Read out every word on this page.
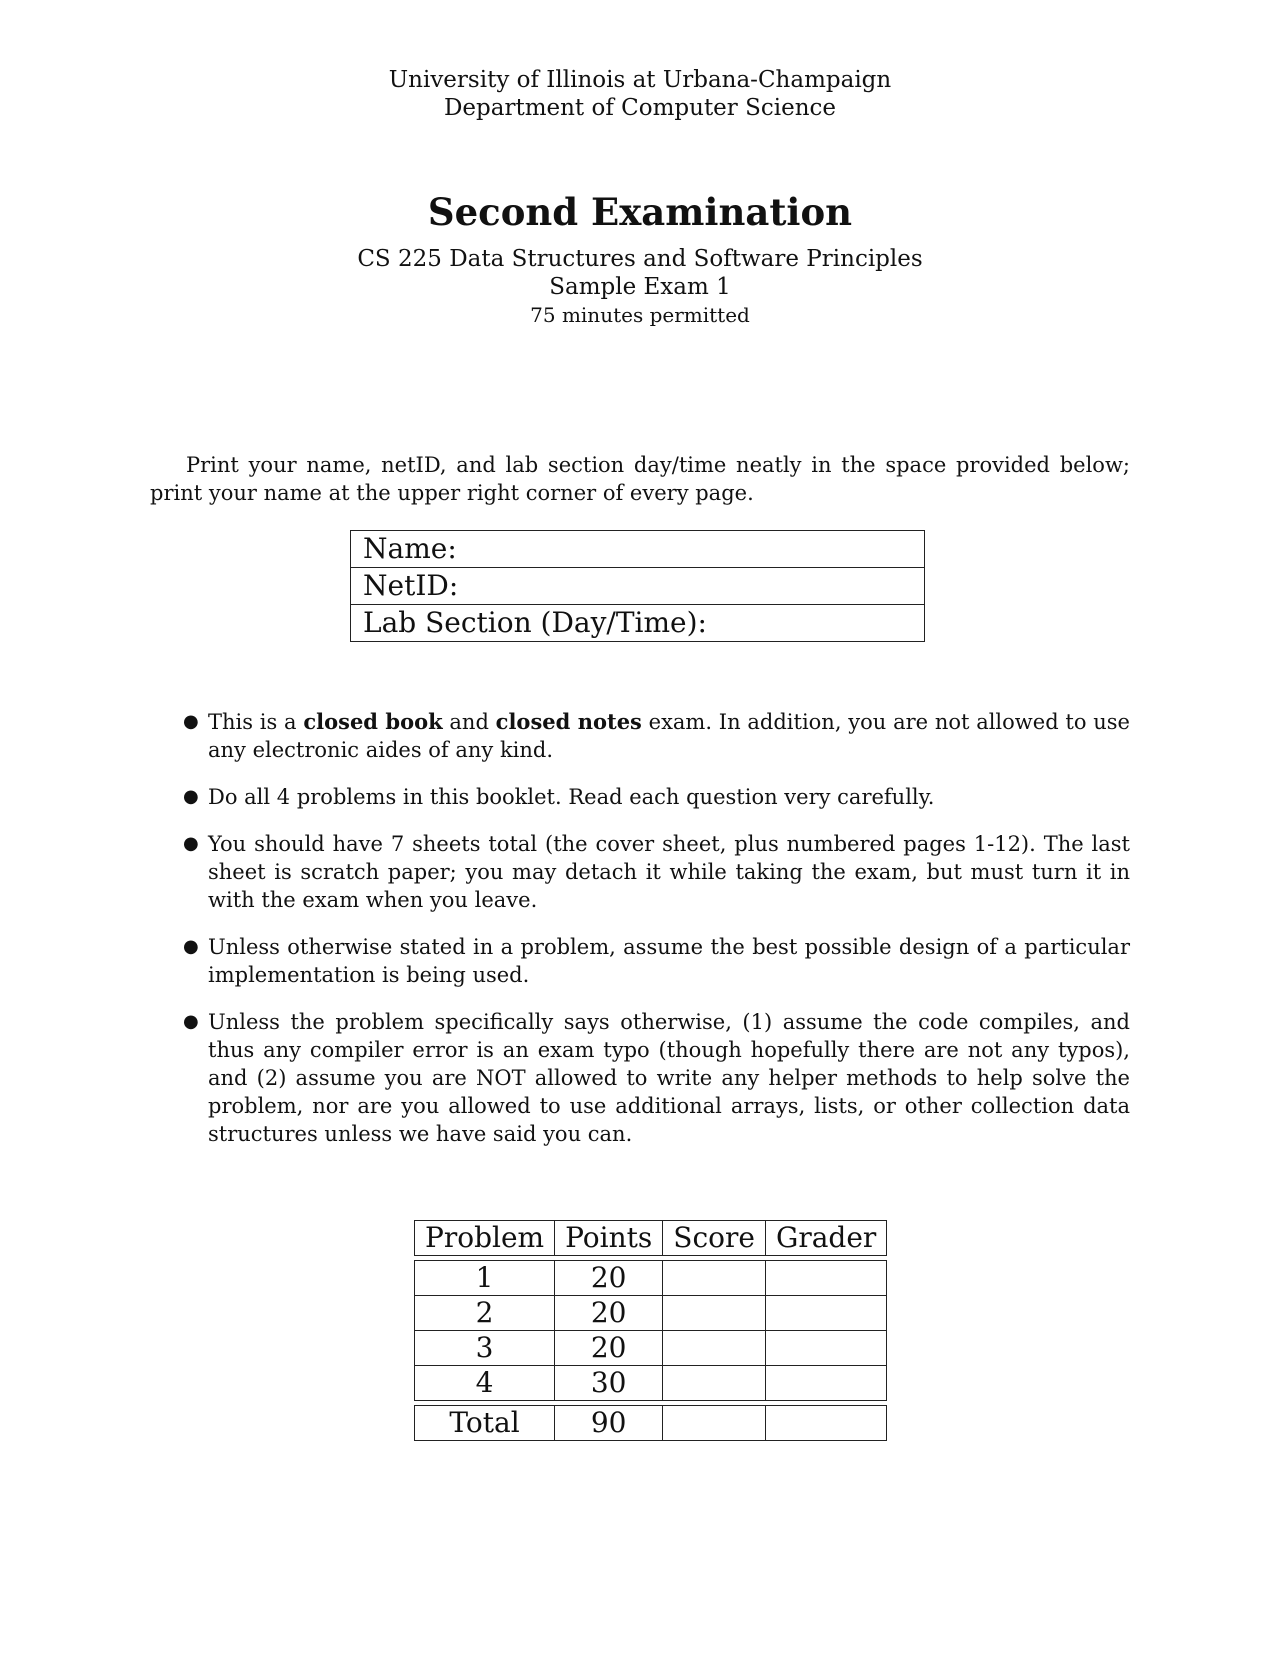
University of Illinois at Urbana-Champaign
Department of Computer Science
Second Examination
CS 225 Data Structures and Software Principles
Sample Exam 1
75 minutes permitted

Print your name, netID, and lab section day/time neatly in the space provided below; print your name at the upper right corner of every page.

Name:
NetID:
Lab Section (Day/Time):
● This is a closed book and closed notes exam. In addition, you are not allowed to use any electronic aides of any kind.
● Do all 4 problems in this booklet. Read each question very carefully.
● You should have 7 sheets total (the cover sheet, plus numbered pages 1-12). The last sheet is scratch paper; you may detach it while taking the exam, but must turn it in with the exam when you leave.
● Unless otherwise stated in a problem, assume the best possible design of a particular implementation is being used.
● Unless the problem specifically says otherwise, (1) assume the code compiles, and thus any compiler error is an exam typo (though hopefully there are not any typos), and (2) assume you are NOT allowed to write any helper methods to help solve the problem, nor are you allowed to use additional arrays, lists, or other collection data structures unless we have said you can.
Problem	Points	Score	Grader

1	20		
2	20		
3	20		
4	30		

Total	90		
